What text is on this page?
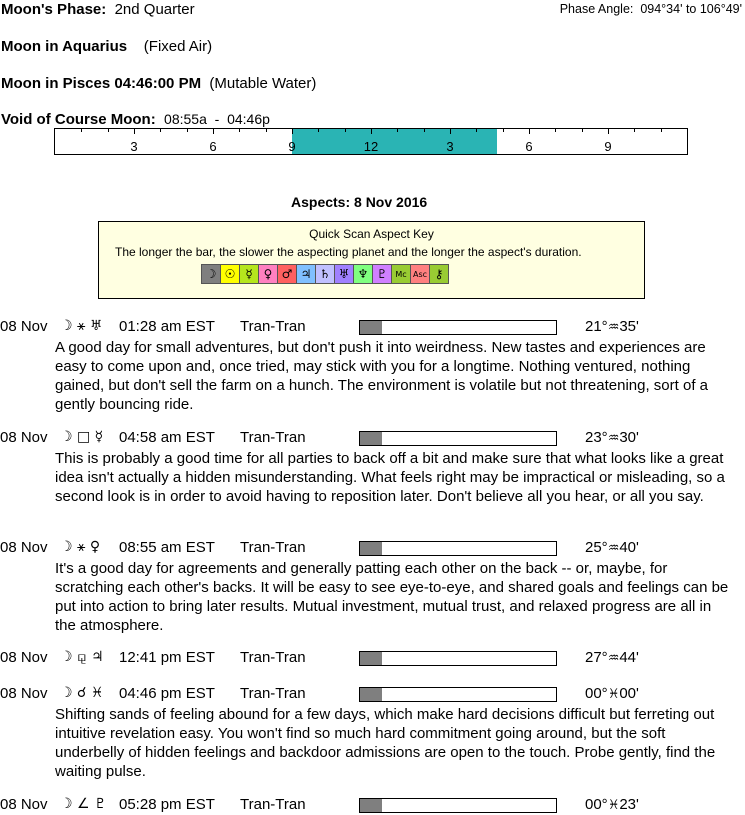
Moon's Phase: 2nd Quarter	Phase Angle: 094°34' to 106°49'
Moon in Aquarius (Fixed Air)
Moon in Pisces 04:46:00 PM (Mutable Water)
Void of Course Moon: 08:55a  -  04:46p
3	6	9	12	3	6	9
Aspects: 8 Nov 2016
Quick Scan Aspect Key
The longer the bar, the slower the aspecting planet and the longer the aspect's duration.
☽ ☉ ☿ ♀ ♂ ♃ ♄ ♅ ♆ ♇ Mc Asc ⚷
08 Nov ☽ ⚹ ♅ 01:28 am EST Tran-Tran	21°♒35'
A good day for small adventures, but don't push it into weirdness. New tastes and experiences are easy to come upon and, once tried, may stick with you for a longtime. Nothing ventured, nothing gained, but don't sell the farm on a hunch. The environment is volatile but not threatening, sort of a gently bouncing ride.
08 Nov ☽ □ ☿ 04:58 am EST Tran-Tran	23°♒30'
This is probably a good time for all parties to back off a bit and make sure that what looks like a great idea isn't actually a hidden misunderstanding. What feels right may be impractical or misleading, so a second look is in order to avoid having to reposition later. Don't believe all you hear, or all you say.
08 Nov ☽ ⚹ ♀ 08:55 am EST Tran-Tran	25°♒40'
It's a good day for agreements and generally patting each other on the back -- or, maybe, for scratching each other's backs. It will be easy to see eye-to-eye, and shared goals and feelings can be put into action to bring later results. Mutual investment, mutual trust, and relaxed progress are all in the atmosphere.
08 Nov ☽ ⚼ ♃ 12:41 pm EST Tran-Tran	27°♒44'
08 Nov ☽ ☌ ♓ 04:46 pm EST Tran-Tran	00°♓00'
Shifting sands of feeling abound for a few days, which make hard decisions difficult but ferreting out intuitive revelation easy. You won't find so much hard commitment going around, but the soft underbelly of hidden feelings and backdoor admissions are open to the touch. Probe gently, find the waiting pulse.
08 Nov ☽ ∠ ♇ 05:28 pm EST Tran-Tran	00°♓23'
